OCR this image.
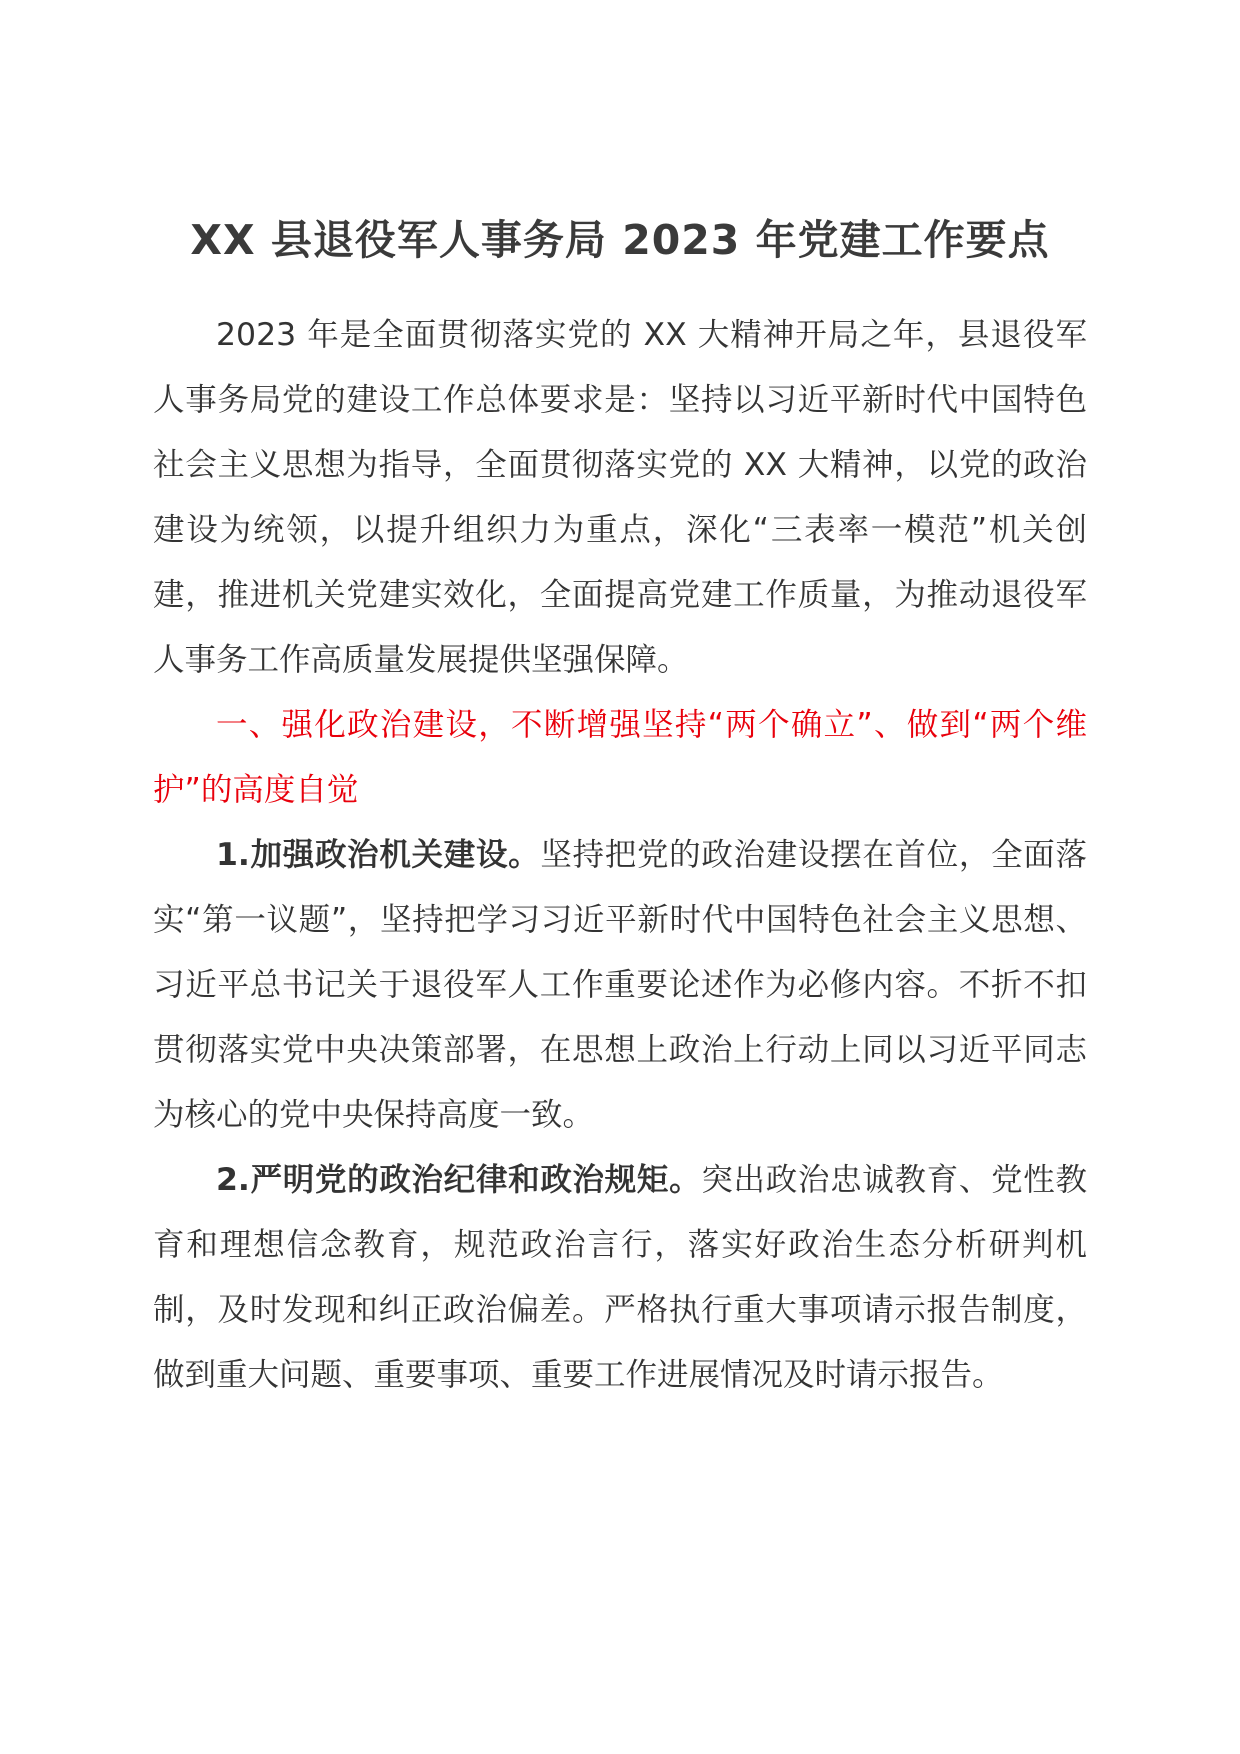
XX 县退役军人事务局 2023 年党建工作要点

2023 年是全面贯彻落实党的 XX 大精神开局之年，县退役军人事务局党的建设工作总体要求是：坚持以习近平新时代中国特色社会主义思想为指导，全面贯彻落实党的 XX 大精神，以党的政治建设为统领，以提升组织力为重点，深化“三表率一模范”机关创建，推进机关党建实效化，全面提高党建工作质量，为推动退役军人事务工作高质量发展提供坚强保障。

一、强化政治建设，不断增强坚持“两个确立”、做到“两个维护”的高度自觉

1.加强政治机关建设。坚持把党的政治建设摆在首位，全面落实“第一议题”，坚持把学习习近平新时代中国特色社会主义思想、习近平总书记关于退役军人工作重要论述作为必修内容。不折不扣贯彻落实党中央决策部署，在思想上政治上行动上同以习近平同志为核心的党中央保持高度一致。

2.严明党的政治纪律和政治规矩。突出政治忠诚教育、党性教育和理想信念教育，规范政治言行，落实好政治生态分析研判机制，及时发现和纠正政治偏差。严格执行重大事项请示报告制度，做到重大问题、重要事项、重要工作进展情况及时请示报告。
